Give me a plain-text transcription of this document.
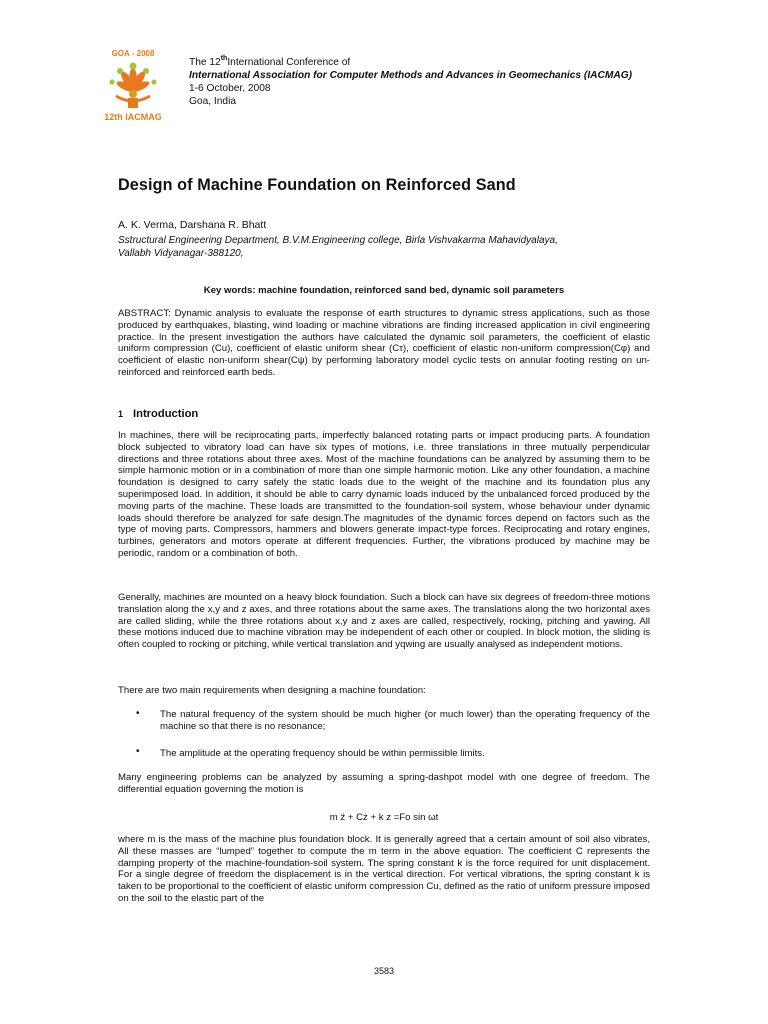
GOA - 2008
12th IACMAG
The 12thInternational Conference of
International Association for Computer Methods and Advances in Geomechanics (IACMAG)
1-6 October, 2008
Goa, India
Design of Machine Foundation on Reinforced Sand
A. K. Verma, Darshana R. Bhatt
Sstructural Engineering Department, B.V.M.Engineering college, Birla Vishvakarma Mahavidyalaya,
Vallabh Vidyanagar-388120,
Key words: machine foundation, reinforced sand bed, dynamic soil parameters

ABSTRACT: Dynamic analysis to evaluate the response of earth structures to dynamic stress applications, such as those produced by earthquakes, blasting, wind loading or machine vibrations are finding increased application in civil engineering practice. In the present investigation the authors have calculated the dynamic soil parameters, the coefficient of elastic uniform compression (Cu), coefficient of elastic uniform shear (Cτ), coefficient of elastic non-uniform compression(Cφ) and coefficient of elastic non-uniform shear(Cψ) by performing laboratory model cyclic tests on annular footing resting on un-reinforced and reinforced earth beds.

1 Introduction

In machines, there will be reciprocating parts, imperfectly balanced rotating parts or impact producing parts. A foundation block subjected to vibratory load can have six types of motions, i.e. three translations in three mutually perpendicular directions and three rotations about three axes. Most of the machine foundations can be analyzed by assuming them to be simple harmonic motion or in a combination of more than one simple harmonic motion. Like any other foundation, a machine foundation is designed to carry safely the static loads due to the weight of the machine and its foundation plus any superimposed load. In addition, it should be able to carry dynamic loads induced by the unbalanced forced produced by the moving parts of the machine. These loads are transmitted to the foundation-soil system, whose behaviour under dynamic loads should therefore be analyzed for safe design.The magnitudes of the dynamic forces depend on factors such as the type of moving parts. Compressors, hammers and blowers generate impact-type forces. Reciprocating and rotary engines, turbines, generators and motors operate at different frequencies. Further, the vibrations produced by machine may be periodic, random or a combination of both.

Generally, machines are mounted on a heavy block foundation. Such a block can have six degrees of freedom-three motions translation along the x,y and z axes, and three rotations about the same axes. The translations along the two horizontal axes are called sliding, while the three rotations about x,y and z axes are called, respectively, rocking, pitching and yawing. All these motions induced due to machine vibration may be independent of each other or coupled. In block motion, the sliding is often coupled to rocking or pitching, while vertical translation and yqwing are usually analysed as independent motions.

There are two main requirements when designing a machine foundation:

• The natural frequency of the system should be much higher (or much lower) than the operating frequency of the machine so that there is no resonance;

• The amplitude at the operating frequency should be within permissible limits.

Many engineering problems can be analyzed by assuming a spring-dashpot model with one degree of freedom. The differential equation governing the motion is

m z̈ + Cż + k z =Fo sin ωt

where m is the mass of the machine plus foundation block. It is generally agreed that a certain amount of soil also vibrates, All these masses are “lumped” together to compute the m term in the above equation. The coefficient C represents the damping property of the machine-foundation-soil system. The spring constant k is the force required for unit displacement. For a single degree of freedom the displacement is in the vertical direction. For vertical vibrations, the spring constant k is taken to be proportional to the coefficient of elastic uniform compression Cu, defined as the ratio of uniform pressure imposed on the soil to the elastic part of the

3583
